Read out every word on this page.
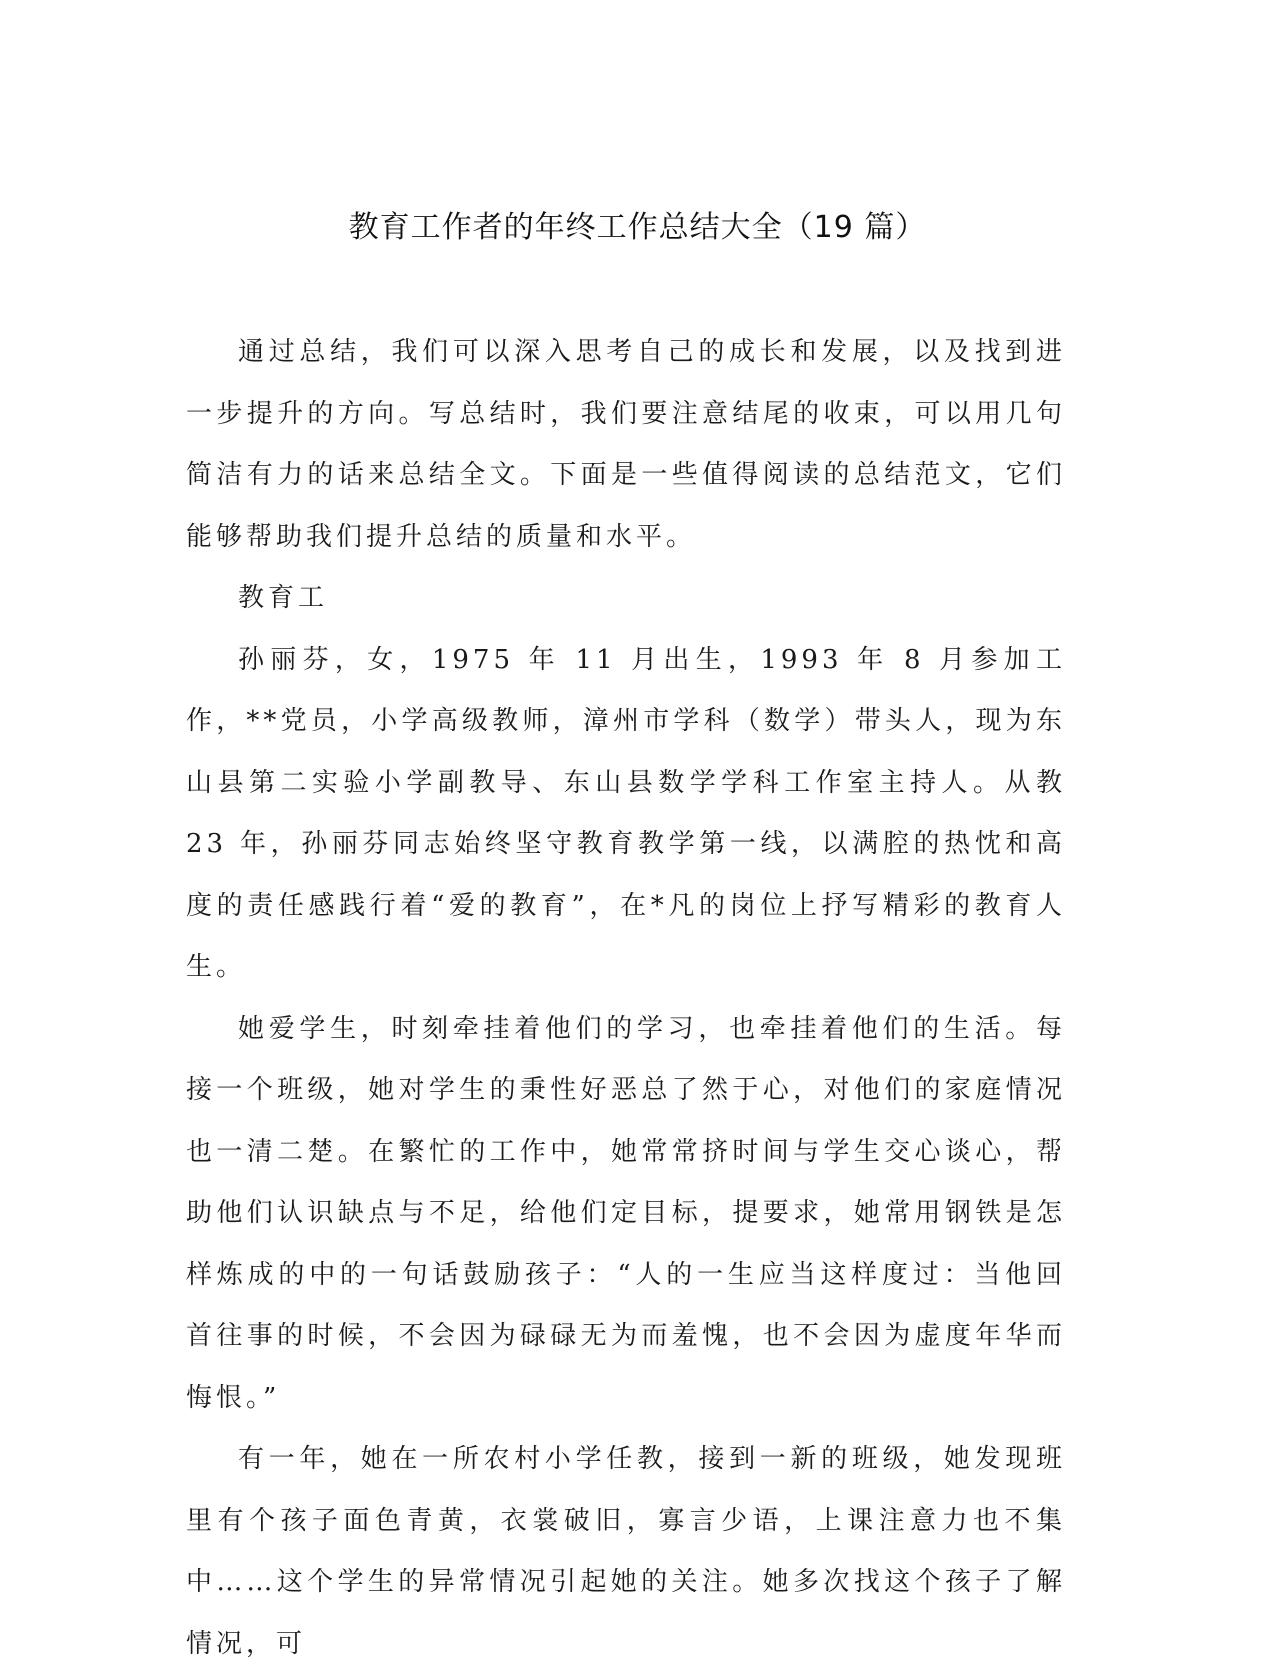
教育工作者的年终工作总结大全（19 篇）

通过总结，我们可以深入思考自己的成长和发展，以及找到进一步提升的方向。写总结时，我们要注意结尾的收束，可以用几句简洁有力的话来总结全文。下面是一些值得阅读的总结范文，它们能够帮助我们提升总结的质量和水平。

教育工

孙丽芬，女，1975 年 11 月出生，1993 年 8 月参加工作，**党员，小学高级教师，漳州市学科（数学）带头人，现为东山县第二实验小学副教导、东山县数学学科工作室主持人。从教 23 年，孙丽芬同志始终坚守教育教学第一线，以满腔的热忱和高度的责任感践行着“爱的教育”，在*凡的岗位上抒写精彩的教育人生。

她爱学生，时刻牵挂着他们的学习，也牵挂着他们的生活。每接一个班级，她对学生的秉性好恶总了然于心，对他们的家庭情况也一清二楚。在繁忙的工作中，她常常挤时间与学生交心谈心，帮助他们认识缺点与不足，给他们定目标，提要求，她常用钢铁是怎样炼成的中的一句话鼓励孩子：“人的一生应当这样度过：当他回首往事的时候，不会因为碌碌无为而羞愧，也不会因为虚度年华而悔恨。”

有一年，她在一所农村小学任教，接到一新的班级，她发现班里有个孩子面色青黄，衣裳破旧，寡言少语，上课注意力也不集中……这个学生的异常情况引起她的关注。她多次找这个孩子了解情况，可
